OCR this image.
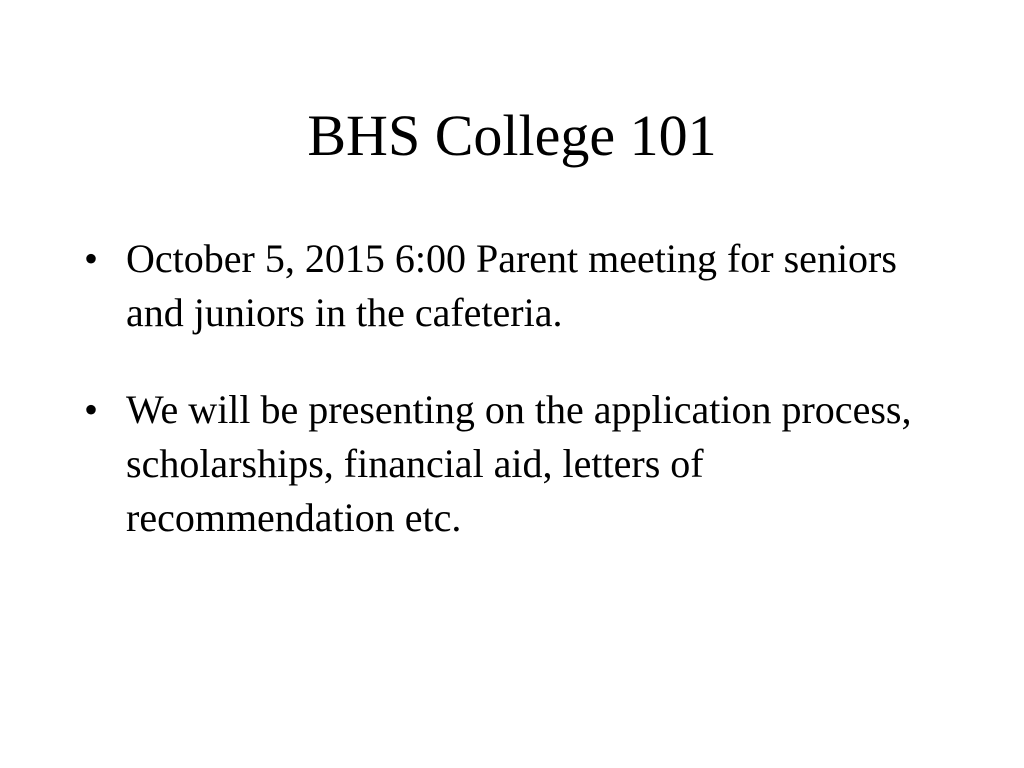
BHS College 101
• October 5, 2015 6:00 Parent meeting for seniors and juniors in the cafeteria.
• We will be presenting on the application process, scholarships, financial aid, letters of recommendation etc.
